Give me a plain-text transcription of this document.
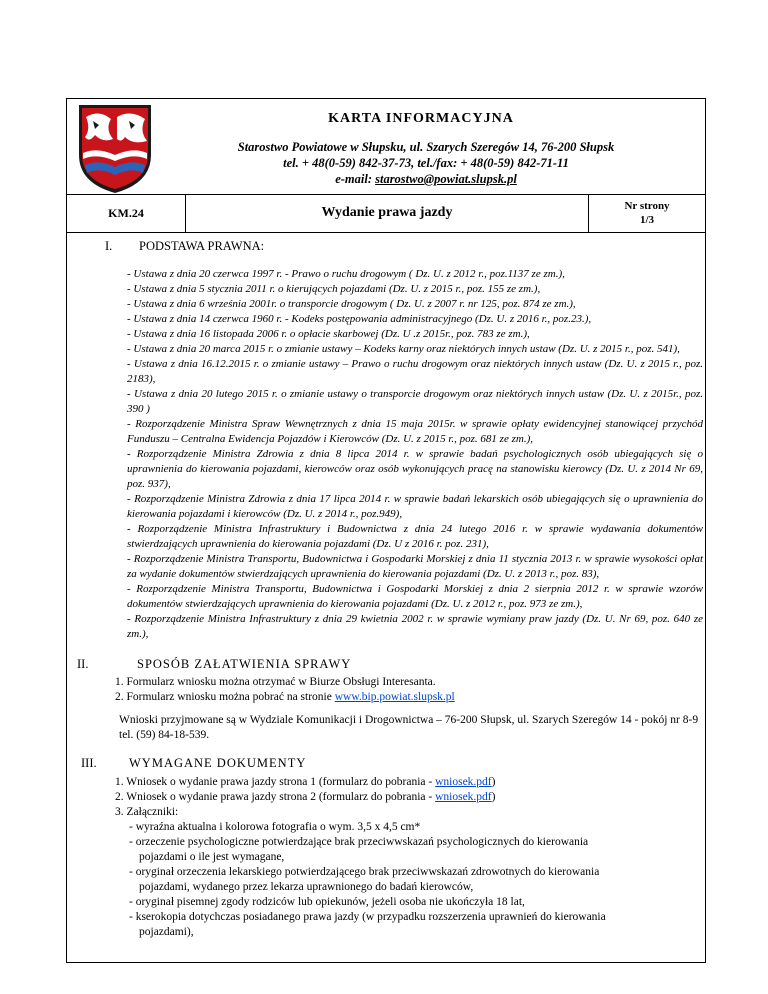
KARTA INFORMACYJNA
Starostwo Powiatowe w Słupsku, ul. Szarych Szeregów 14, 76-200 Słupsk
tel. + 48(0-59) 842-37-73, tel./fax: + 48(0-59) 842-71-11
e-mail: starostwo@powiat.slupsk.pl
KM.24	Wydanie prawa jazdy	Nr strony
1/3
I. PODSTAWA PRAWNA:

- Ustawa z dnia 20 czerwca 1997 r. - Prawo o ruchu drogowym ( Dz. U. z 2012 r., poz.1137 ze zm.),

- Ustawa z dnia 5 stycznia 2011 r. o kierujących pojazdami (Dz. U. z 2015 r., poz. 155 ze zm.),

- Ustawa z dnia 6 września 2001r. o transporcie drogowym ( Dz. U. z 2007 r. nr 125, poz. 874 ze zm.),

- Ustawa z dnia 14 czerwca 1960 r. - Kodeks postępowania administracyjnego (Dz. U. z 2016 r., poz.23.),

- Ustawa z dnia 16 listopada 2006 r. o opłacie skarbowej (Dz. U .z 2015r., poz. 783 ze zm.),

- Ustawa z dnia 20 marca 2015 r. o zmianie ustawy – Kodeks karny oraz niektórych innych ustaw (Dz. U. z 2015 r., poz. 541),

- Ustawa z dnia 16.12.2015 r. o zmianie ustawy – Prawo o ruchu drogowym oraz niektórych innych ustaw (Dz. U. z 2015 r., poz. 2183),

- Ustawa z dnia 20 lutego 2015 r. o zmianie ustawy o transporcie drogowym oraz niektórych innych ustaw (Dz. U. z 2015r., poz. 390 )

- Rozporządzenie Ministra Spraw Wewnętrznych z dnia 15 maja 2015r. w sprawie opłaty ewidencyjnej stanowiącej przychód Funduszu – Centralna Ewidencja Pojazdów i Kierowców (Dz. U. z 2015 r., poz. 681 ze zm.),

- Rozporządzenie Ministra Zdrowia z dnia 8 lipca 2014 r. w sprawie badań psychologicznych osób ubiegających się o uprawnienia do kierowania pojazdami, kierowców oraz osób wykonujących pracę na stanowisku kierowcy (Dz. U. z 2014 Nr 69, poz. 937),

- Rozporządzenie Ministra Zdrowia z dnia 17 lipca 2014 r. w sprawie badań lekarskich osób ubiegających się o uprawnienia do kierowania pojazdami i kierowców (Dz. U. z 2014 r., poz.949),

- Rozporządzenie Ministra Infrastruktury i Budownictwa z dnia 24 lutego 2016 r. w sprawie wydawania dokumentów stwierdzających uprawnienia do kierowania pojazdami (Dz. U z 2016 r. poz. 231),

- Rozporządzenie Ministra Transportu, Budownictwa i Gospodarki Morskiej z dnia 11 stycznia 2013 r. w sprawie wysokości opłat za wydanie dokumentów stwierdzających uprawnienia do kierowania pojazdami (Dz. U. z 2013 r., poz. 83),

- Rozporządzenie Ministra Transportu, Budownictwa i Gospodarki Morskiej z dnia 2 sierpnia 2012 r. w sprawie wzorów dokumentów stwierdzających uprawnienia do kierowania pojazdami (Dz. U. z 2012 r., poz. 973 ze zm.),

- Rozporządzenie Ministra Infrastruktury z dnia 29 kwietnia 2002 r. w sprawie wymiany praw jazdy (Dz. U. Nr 69, poz. 640 ze zm.),

II.	SPOSÓB ZAŁATWIENIA SPRAWY

1. Formularz wniosku można otrzymać w Biurze Obsługi Interesanta.

2. Formularz wniosku można pobrać na stronie www.bip.powiat.slupsk.pl

Wnioski przyjmowane są w Wydziale Komunikacji i Drogownictwa – 76-200 Słupsk, ul. Szarych Szeregów 14 - pokój nr 8-9 tel. (59) 84-18-539.
III.	WYMAGANE DOKUMENTY

1. Wniosek o wydanie prawa jazdy strona 1 (formularz do pobrania - wniosek.pdf)

2. Wniosek o wydanie prawa jazdy strona 2 (formularz do pobrania - wniosek.pdf)

3. Załączniki:

- wyraźna aktualna i kolorowa fotografia o wym. 3,5 x 4,5 cm*

- orzeczenie psychologiczne potwierdzające brak przeciwwskazań psychologicznych do kierowania

pojazdami o ile jest wymagane,

- oryginał orzeczenia lekarskiego potwierdzającego brak przeciwwskazań zdrowotnych do kierowania

pojazdami, wydanego przez lekarza uprawnionego do badań kierowców,

- oryginał pisemnej zgody rodziców lub opiekunów, jeżeli osoba nie ukończyła 18 lat,

- kserokopia dotychczas posiadanego prawa jazdy (w przypadku rozszerzenia uprawnień do kierowania

pojazdami),
